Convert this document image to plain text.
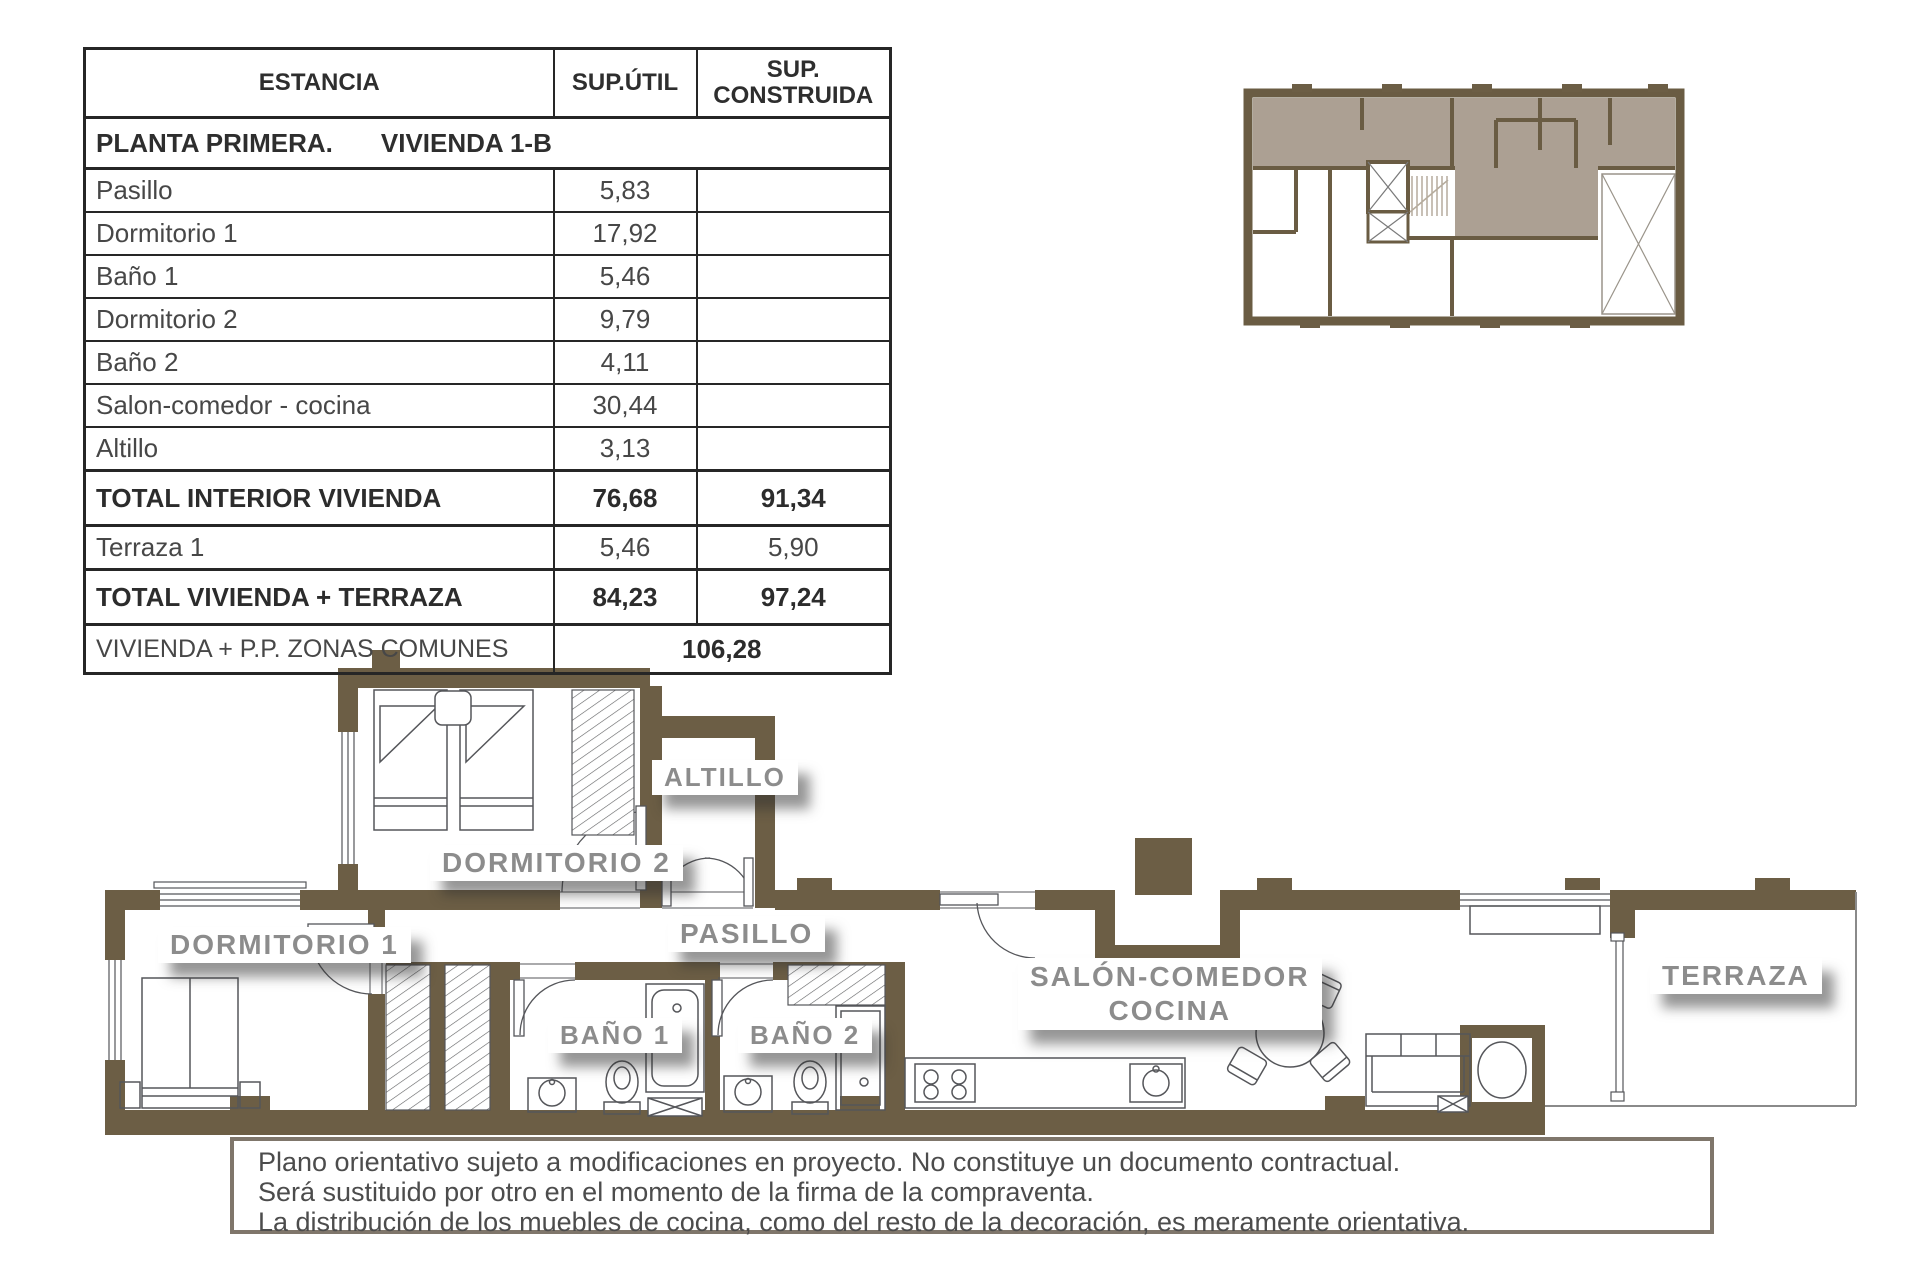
ESTANCIA	SUP.ÚTIL	SUP. CONSTRUIDA
PLANTA PRIMERA. VIVIENDA 1-B		
Pasillo	5,83	
Dormitorio 1	17,92	
Baño 1	5,46	
Dormitorio 2	9,79	
Baño 2	4,11	
Salon-comedor - cocina	30,44	
Altillo	3,13	
TOTAL INTERIOR VIVIENDA	76,68	91,34
Terraza 1	5,46	5,90
TOTAL VIVIENDA + TERRAZA	84,23	97,24
VIVIENDA + P.P. ZONAS COMUNES	106,28	
ALTILLO
DORMITORIO 2
DORMITORIO 1	PASILLO
BAÑO 1	BAÑO 2
SALÓN-COMEDOR
COCINA
TERRAZA
Plano orientativo sujeto a modificaciones en proyecto. No constituye un documento contractual.
Será sustituido por otro en el momento de la firma de la compraventa.
La distribución de los muebles de cocina, como del resto de la decoración, es meramente orientativa.
